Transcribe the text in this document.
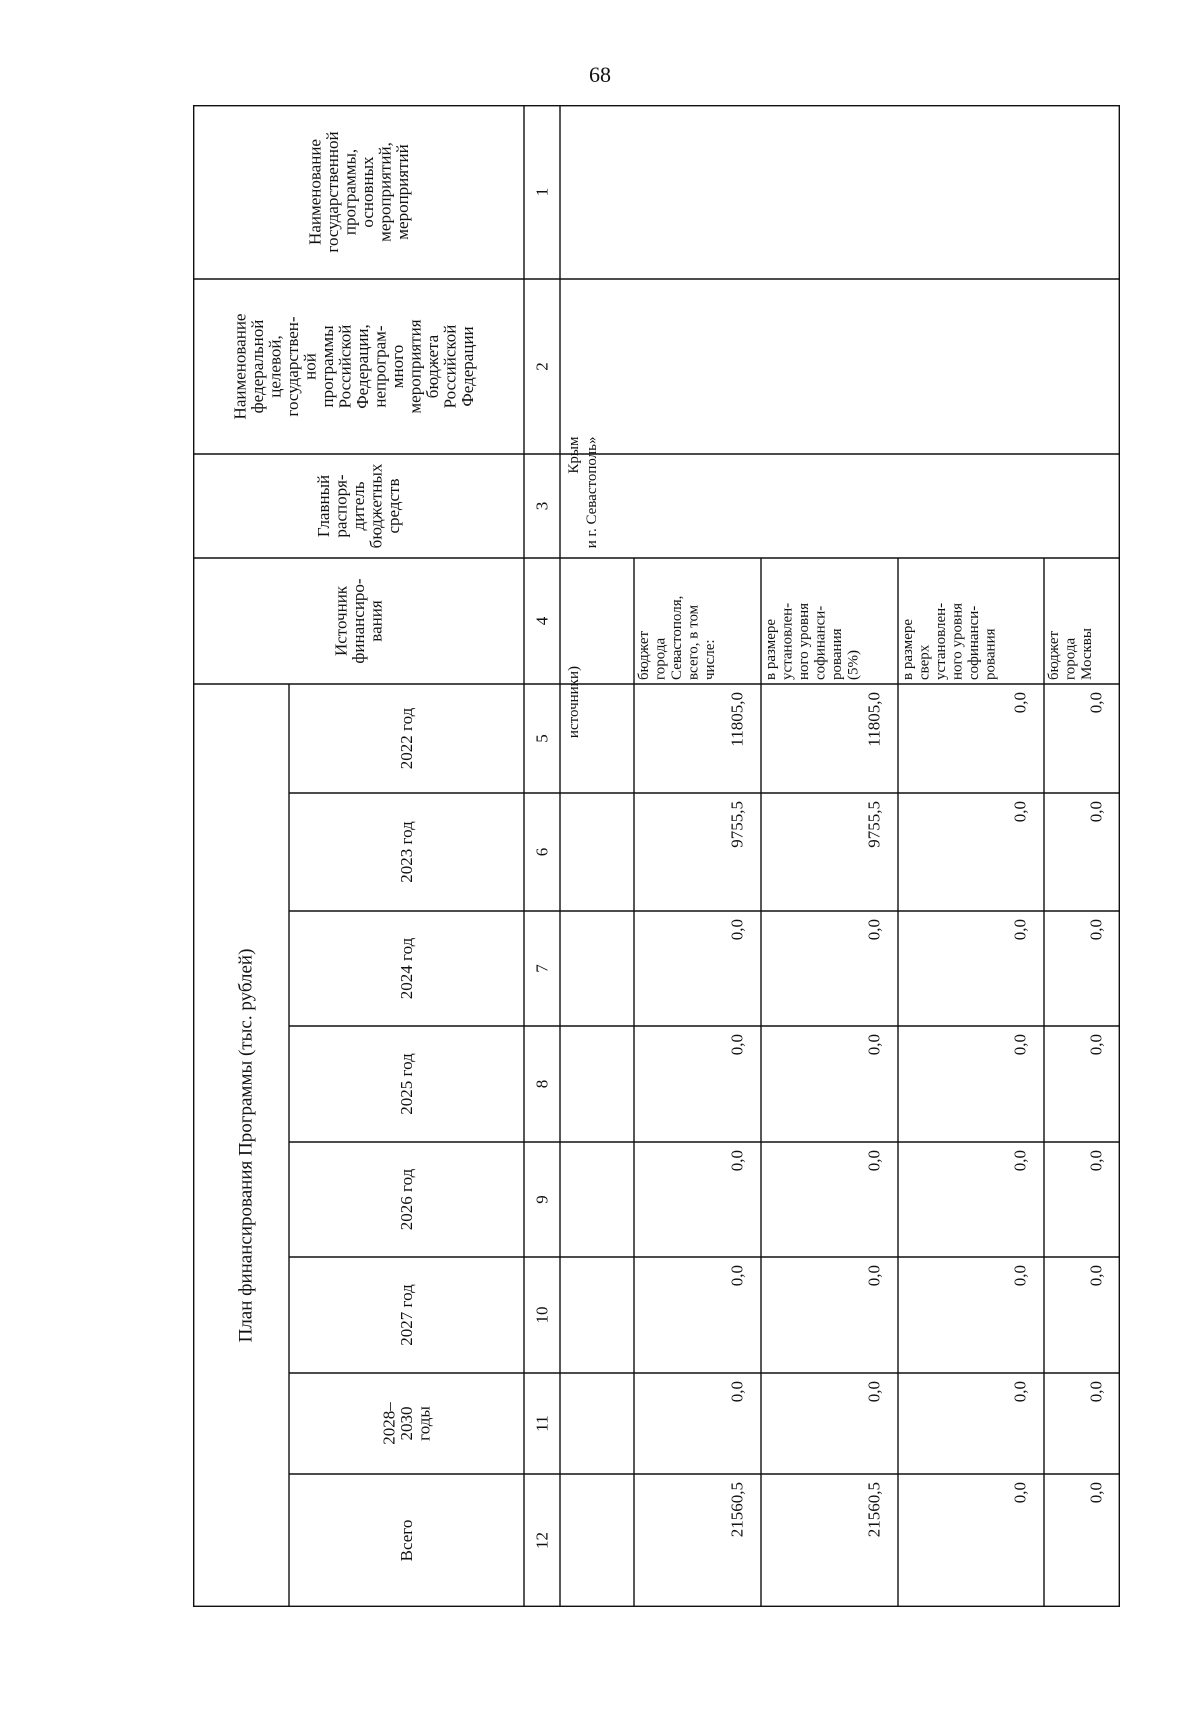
68
План финансирования Программы (тыс. рублей)
Наименование
государственной
программы,
основных
мероприятий,
мероприятий
Наименование
федеральной
целевой,
государствен-
ной
программы
Российской
Федерации,
непрограм-
много
мероприятия
бюджета
Российской
Федерации
Главный
распоря-
дитель
бюджетных
средств
Источник
финансиро-
вания
2022 год
2023 год
2024 год
2025 год
2026 год
2027 год
2028–
2030
годы
Всего
1
2
3
4
5
6
7
8
9
10
11
12
Крым и г. Севастополь»
источники)
бюджет города Севастополя, всего, в том числе:
11805,0
9755,5
0,0
0,0
0,0
0,0
0,0
21560,5
в размере установлен- ного уровня софинанси- рования (5%)
11805,0
9755,5
0,0
0,0
0,0
0,0
0,0
21560,5
в размере сверх установлен- ного уровня софинанси- рования
0,0
0,0
0,0
0,0
0,0
0,0
0,0
0,0
бюджет города Москвы
0,0
0,0
0,0
0,0
0,0
0,0
0,0
0,0
